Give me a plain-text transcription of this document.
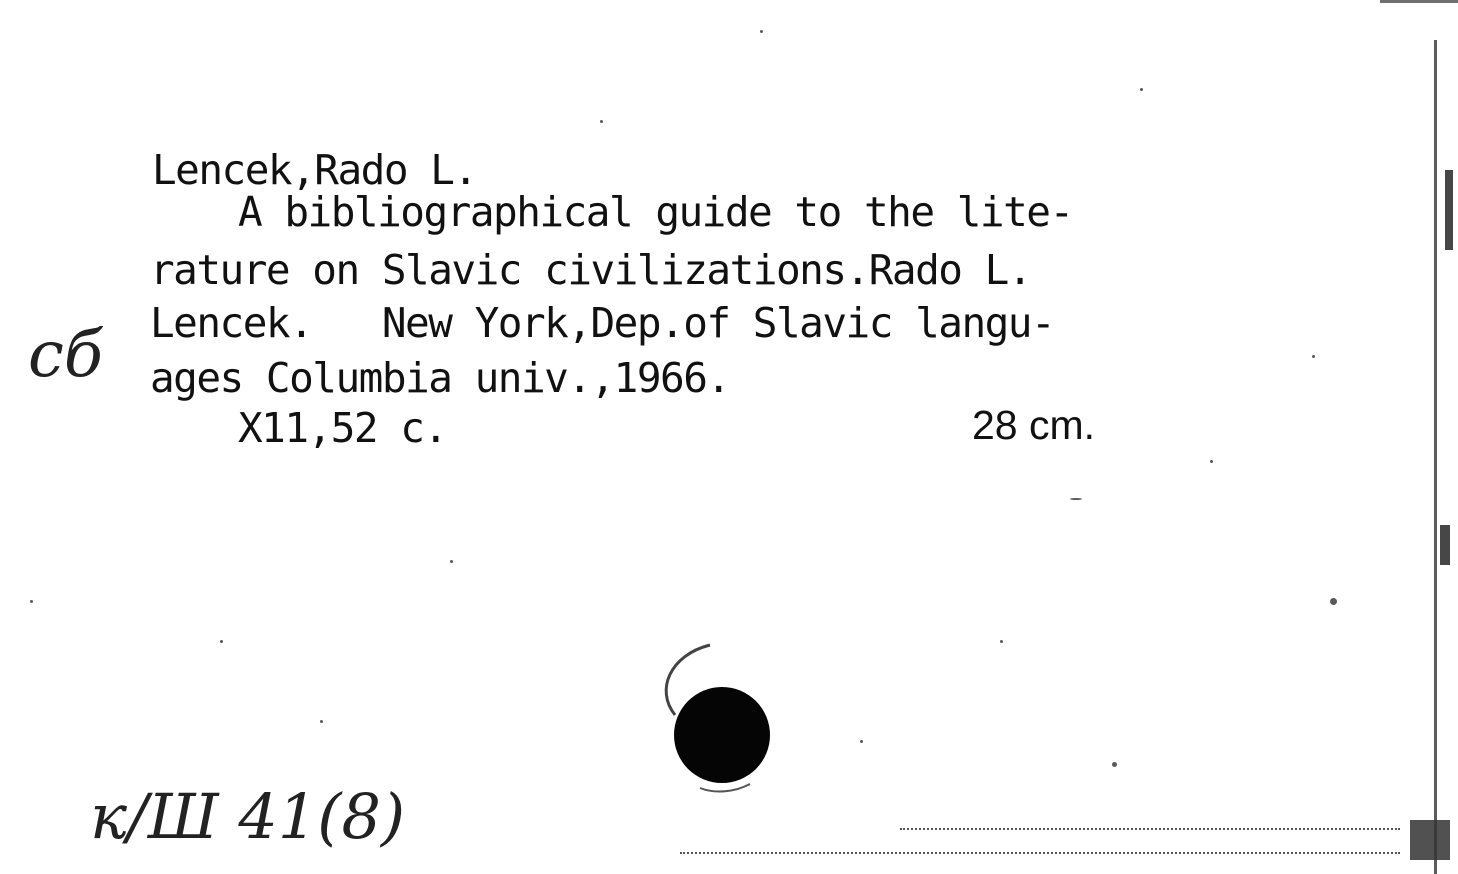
Lencek,Rado L.
A bibliographical guide to the lite-
rature on Slavic civilizations.Rado L.
Lencek.   New York,Dep.of Slavic langu-
ages Columbia univ.,1966.
X11,52 c.	28 cm.
cб
к/Ш 41(8)
